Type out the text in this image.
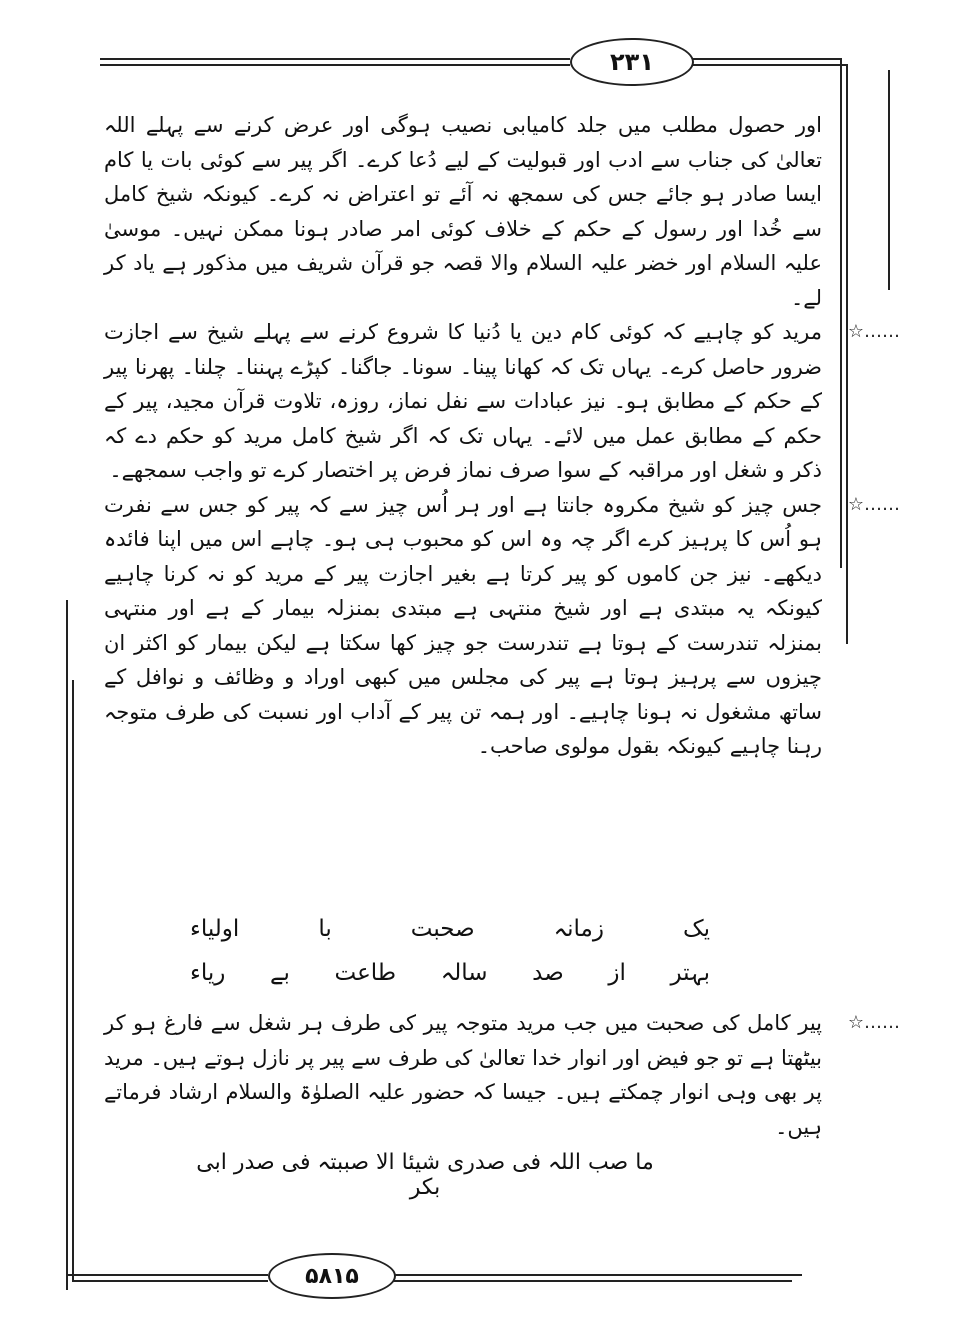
۲۳۱

اور حصول مطلب میں جلد کامیابی نصیب ہوگی اور عرض کرنے سے پہلے اللہ تعالیٰ کی جناب سے ادب اور قبولیت کے لیے دُعا کرے۔ اگر پیر سے کوئی بات یا کام ایسا صادر ہو جائے جس کی سمجھ نہ آئے تو اعتراض نہ کرے۔ کیونکہ شیخ کامل سے خُدا اور رسول کے حکم کے خلاف کوئی امر صادر ہونا ممکن نہیں۔ موسیٰ علیہ السلام اور خضر علیہ السلام والا قصہ جو قرآن شریف میں مذکور ہے یاد کر لے۔

☆……
مرید کو چاہیے کہ کوئی کام دین یا دُنیا کا شروع کرنے سے پہلے شیخ سے اجازت ضرور حاصل کرے۔ یہاں تک کہ کھانا پینا۔ سونا۔ جاگنا۔ کپڑے پہننا۔ چلنا۔ پھرنا پیر کے حکم کے مطابق ہو۔ نیز عبادات سے نفل نماز، روزہ، تلاوت قرآن مجید، پیر کے حکم کے مطابق عمل میں لائے۔ یہاں تک کہ اگر شیخ کامل مرید کو حکم دے کہ ذکر و شغل اور مراقبہ کے سوا صرف نماز فرض پر اختصار کرے تو واجب سمجھے۔

☆……
جس چیز کو شیخ مکروہ جانتا ہے اور ہر اُس چیز سے کہ پیر کو جس سے نفرت ہو اُس کا پرہیز کرے اگر چہ وہ اس کو محبوب ہی ہو۔ چاہے اس میں اپنا فائدہ دیکھے۔ نیز جن کاموں کو پیر کرتا ہے بغیر اجازت پیر کے مرید کو نہ کرنا چاہیے کیونکہ یہ مبتدی ہے اور شیخ منتہی ہے مبتدی بمنزلہ بیمار کے ہے اور منتہی بمنزلہ تندرست کے ہوتا ہے تندرست جو چیز کھا سکتا ہے لیکن بیمار کو اکثر ان چیزوں سے پرہیز ہوتا ہے پیر کی مجلس میں کبھی اوراد و وظائف و نوافل کے ساتھ مشغول نہ ہونا چاہیے۔ اور ہمہ تن پیر کے آداب اور نسبت کی طرف متوجہ رہنا چاہیے کیونکہ بقول مولوی صاحب۔

یک
زمانہ
صحبت
با
اولیاء
بہتر
از
صد
سالہ
طاعت
بے
ریاء

☆……
پیر کامل کی صحبت میں جب مرید متوجہ پیر کی طرف ہر شغل سے فارغ ہو کر بیٹھتا ہے تو جو فیض اور انوار خدا تعالیٰ کی طرف سے پیر پر نازل ہوتے ہیں۔ مرید پر بھی وہی انوار چمکتے ہیں۔ جیسا کہ حضور علیہ الصلوٰۃ والسلام ارشاد فرماتے ہیں۔

ما صب اللہ فی صدری شیئا الا صببتہ فی صدر ابی بکر
۵۸۱۵
